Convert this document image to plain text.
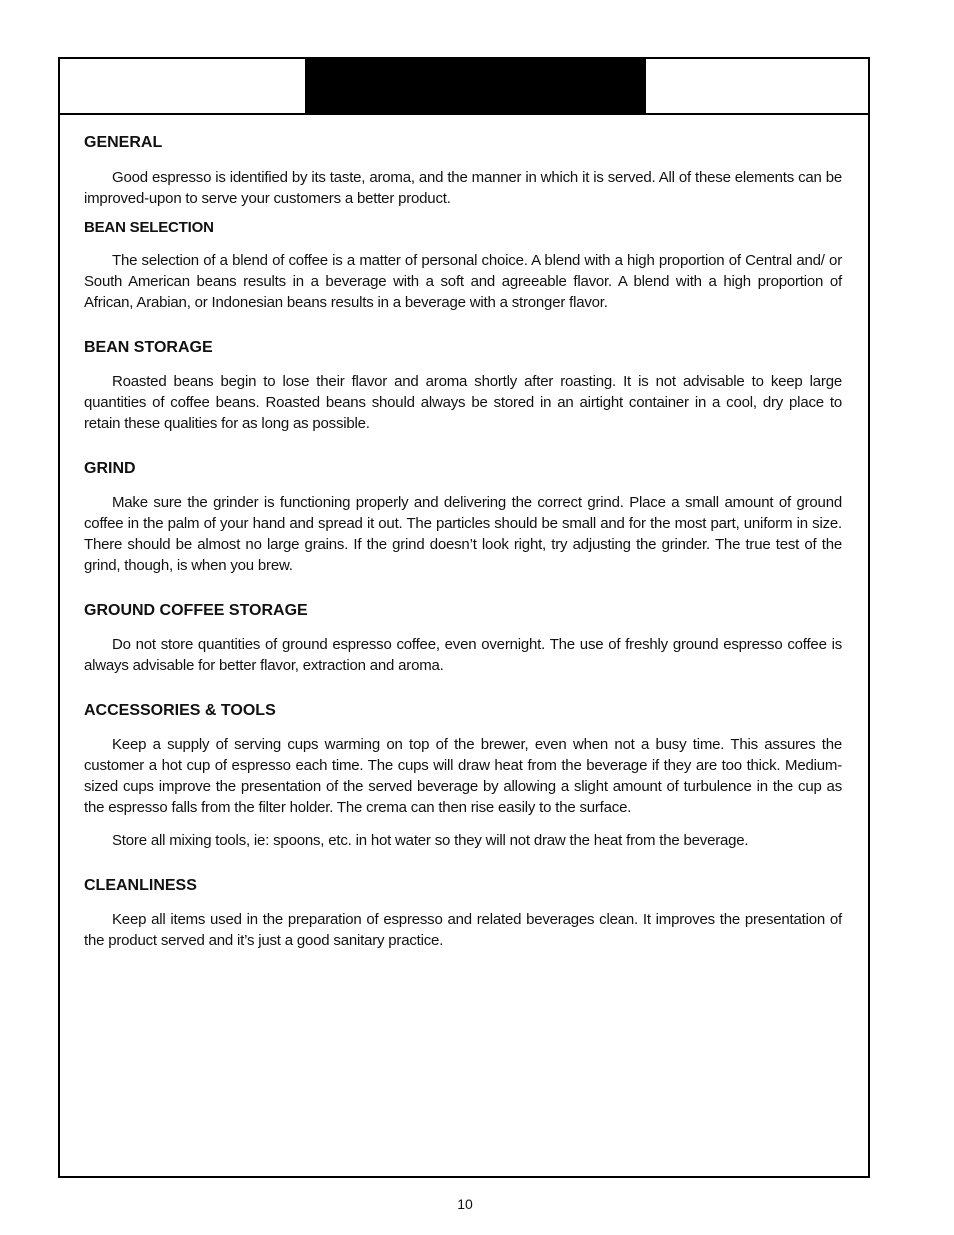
GENERAL

Good espresso is identified by its taste, aroma, and the manner in which it is served. All of these elements can be improved-upon to serve your customers a better product.

BEAN SELECTION

The selection of a blend of coffee is a matter of personal choice. A blend with a high proportion of Central and/ or South American beans results in a beverage with a soft and agreeable flavor. A blend with a high proportion of African, Arabian, or Indonesian beans results in a beverage with a stronger flavor.

BEAN STORAGE

Roasted beans begin to lose their flavor and aroma shortly after roasting. It is not advisable to keep large quantities of coffee beans. Roasted beans should always be stored in an airtight container in a cool, dry place to retain these qualities for as long as possible.

GRIND

Make sure the grinder is functioning properly and delivering the correct grind. Place a small amount of ground coffee in the palm of your hand and spread it out. The particles should be small and for the most part, uniform in size. There should be almost no large grains. If the grind doesn’t look right, try adjusting the grinder. The true test of the grind, though, is when you brew.

GROUND COFFEE STORAGE

Do not store quantities of ground espresso coffee, even overnight. The use of freshly ground espresso coffee is always advisable for better flavor, extraction and aroma.

ACCESSORIES & TOOLS

Keep a supply of serving cups warming on top of the brewer, even when not a busy time. This assures the customer a hot cup of espresso each time. The cups will draw heat from the beverage if they are too thick. Medium-sized cups improve the presentation of the served beverage by allowing a slight amount of turbulence in the cup as the espresso falls from the filter holder. The crema can then rise easily to the surface.

Store all mixing tools, ie: spoons, etc. in hot water so they will not draw the heat from the beverage.

CLEANLINESS

Keep all items used in the preparation of espresso and related beverages clean. It improves the presentation of the product served and it’s just a good sanitary practice.

10
